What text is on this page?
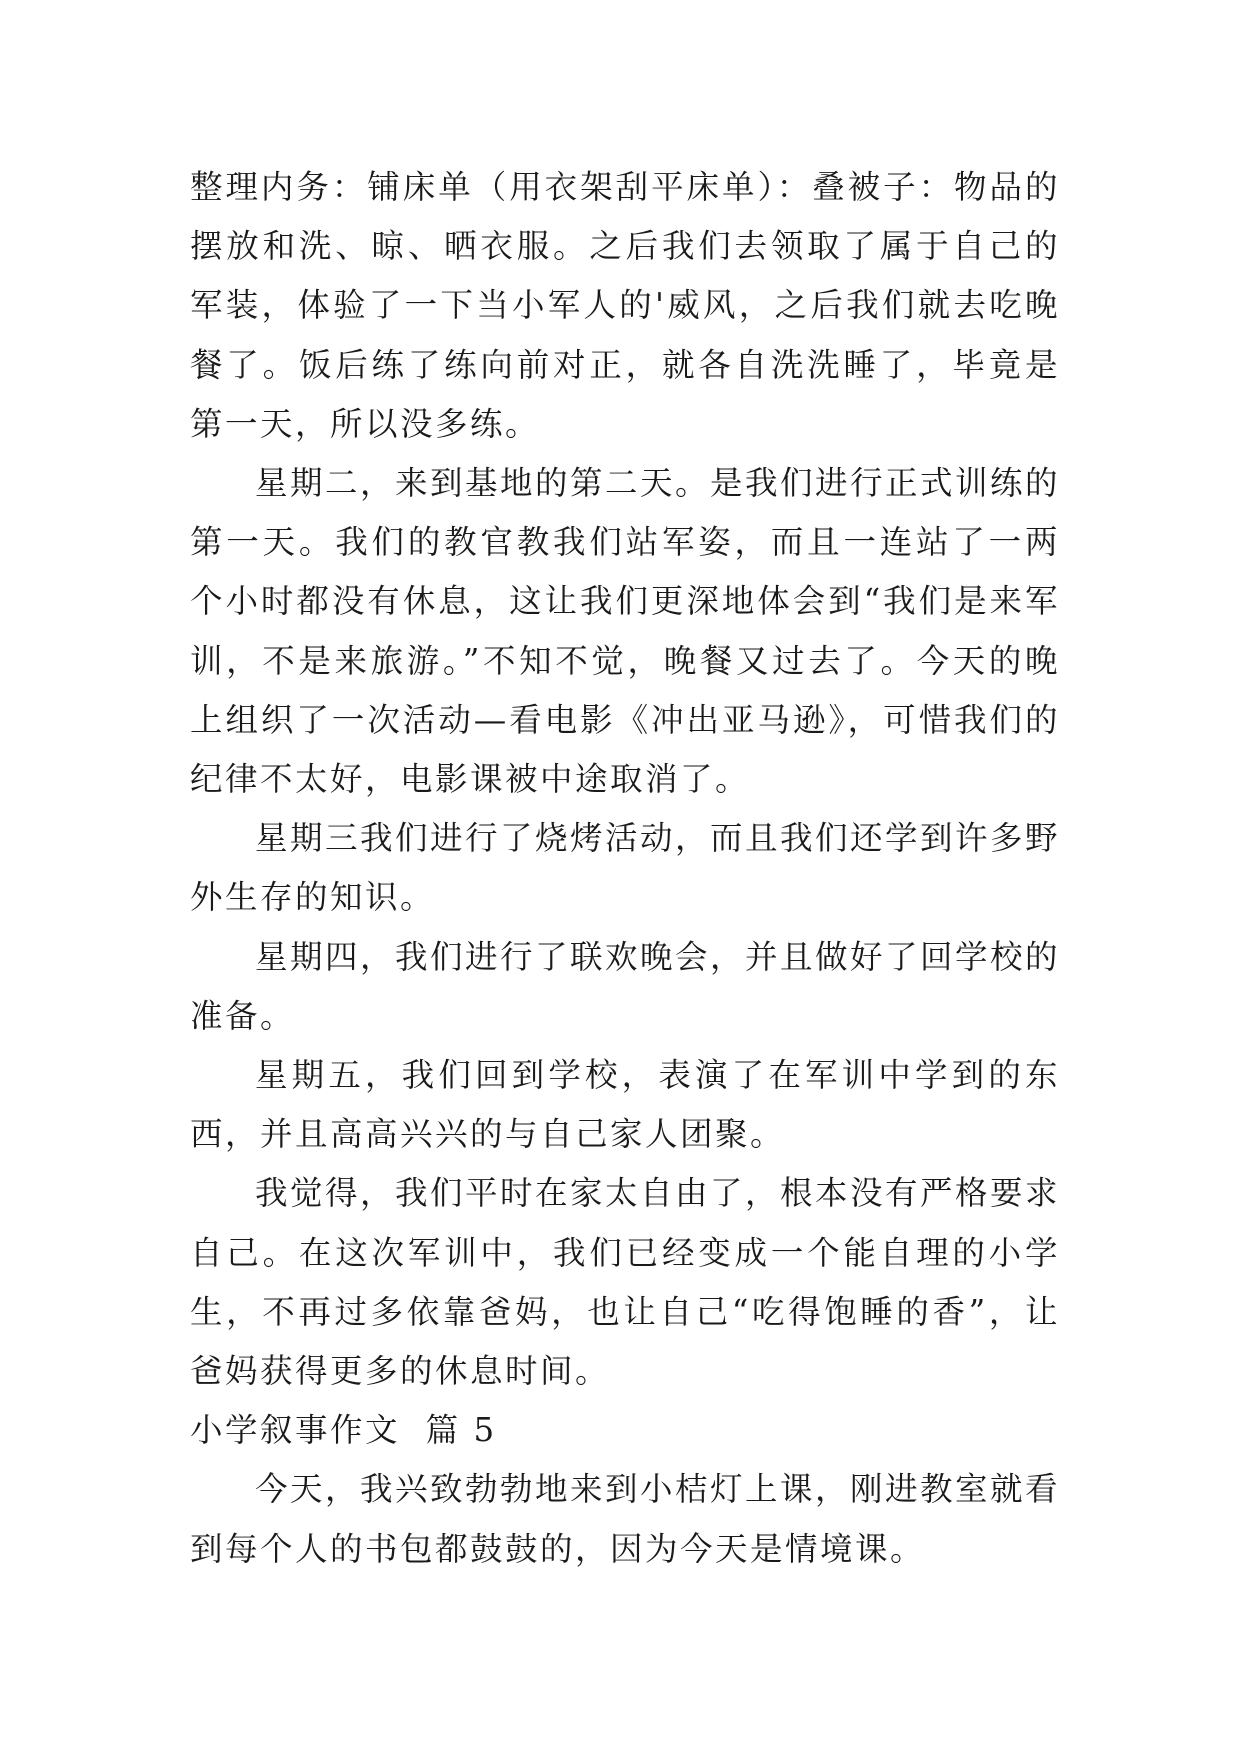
整理内务：铺床单（用衣架刮平床单）：叠被子：物品的摆放和洗、晾、晒衣服。之后我们去领取了属于自己的军装，体验了一下当小军人的'威风，之后我们就去吃晚餐了。饭后练了练向前对正，就各自洗洗睡了，毕竟是第一天，所以没多练。

星期二，来到基地的第二天。是我们进行正式训练的第一天。我们的教官教我们站军姿，而且一连站了一两个小时都没有休息，这让我们更深地体会到“我们是来军训，不是来旅游。”不知不觉，晚餐又过去了。今天的晚上组织了一次活动—看电影《冲出亚马逊》，可惜我们的纪律不太好，电影课被中途取消了。

星期三我们进行了烧烤活动，而且我们还学到许多野外生存的知识。

星期四，我们进行了联欢晚会，并且做好了回学校的准备。

星期五，我们回到学校，表演了在军训中学到的东西，并且高高兴兴的与自己家人团聚。

我觉得，我们平时在家太自由了，根本没有严格要求自己。在这次军训中，我们已经变成一个能自理的小学生，不再过多依靠爸妈，也让自己“吃得饱睡的香”，让爸妈获得更多的休息时间。

小学叙事作文  篇 5

今天，我兴致勃勃地来到小桔灯上课，刚进教室就看到每个人的书包都鼓鼓的，因为今天是情境课。
